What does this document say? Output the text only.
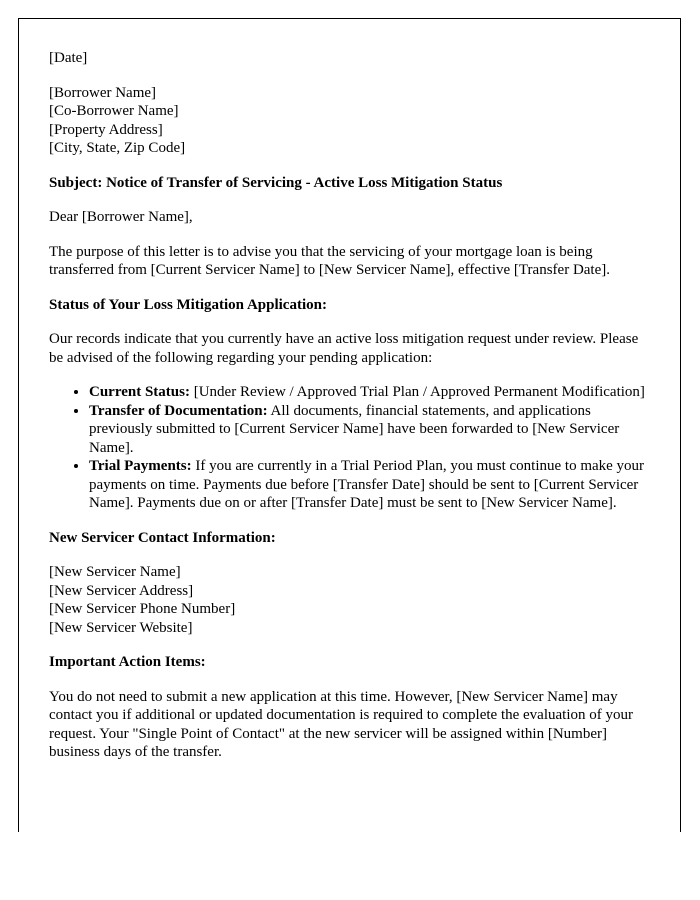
[Date]

[Borrower Name]
[Co-Borrower Name]
[Property Address]
[City, State, Zip Code]

Subject: Notice of Transfer of Servicing - Active Loss Mitigation Status

Dear [Borrower Name],

The purpose of this letter is to advise you that the servicing of your mortgage loan is being transferred from [Current Servicer Name] to [New Servicer Name], effective [Transfer Date].

Status of Your Loss Mitigation Application:

Our records indicate that you currently have an active loss mitigation request under review. Please be advised of the following regarding your pending application:

• Current Status: [Under Review / Approved Trial Plan / Approved Permanent Modification]
• Transfer of Documentation: All documents, financial statements, and applications previously submitted to [Current Servicer Name] have been forwarded to [New Servicer Name].
• Trial Payments: If you are currently in a Trial Period Plan, you must continue to make your payments on time. Payments due before [Transfer Date] should be sent to [Current Servicer Name]. Payments due on or after [Transfer Date] must be sent to [New Servicer Name].

New Servicer Contact Information:

[New Servicer Name]
[New Servicer Address]
[New Servicer Phone Number]
[New Servicer Website]

Important Action Items:

You do not need to submit a new application at this time. However, [New Servicer Name] may contact you if additional or updated documentation is required to complete the evaluation of your request. Your "Single Point of Contact" at the new servicer will be assigned within [Number] business days of the transfer.
